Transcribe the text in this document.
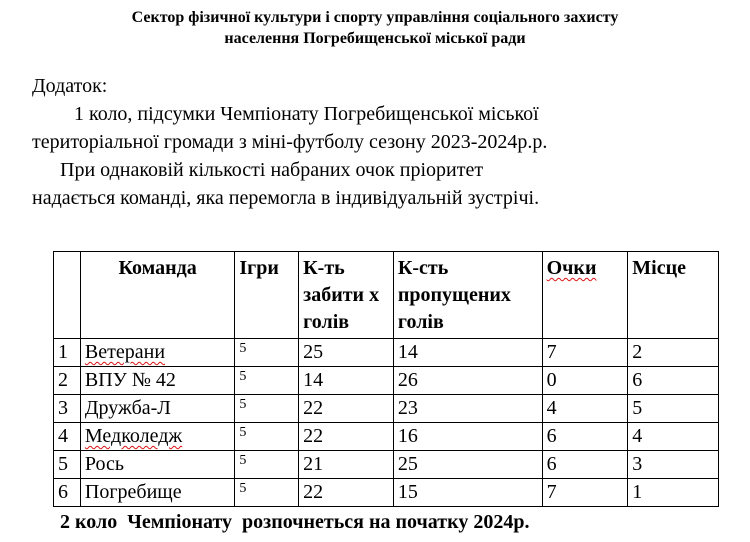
Сектор фізичної культури і спорту управління соціального захисту
населення Погребищенської міської ради
Додаток:
1 коло, підсумки Чемпіонату Погребищенської міської
територіальної громади з міні-футболу сезону 2023-2024р.р.
При однаковій кількості набраних очок пріоритет
надається команді, яка перемогла в індивідуальній зустрічі.
	Команда	Ігри	К-ть забити х голів	К-сть пропущених голів	Очки	Місце
1	Ветерани	5	25	14	7	2
2	ВПУ № 42	5	14	26	0	6
3	Дружба-Л	5	22	23	4	5
4	Медколедж	5	22	16	6	4
5	Рось	5	21	25	6	3
6	Погребище	5	22	15	7	1
2 коло  Чемпіонату  розпочнеться на початку 2024р.
